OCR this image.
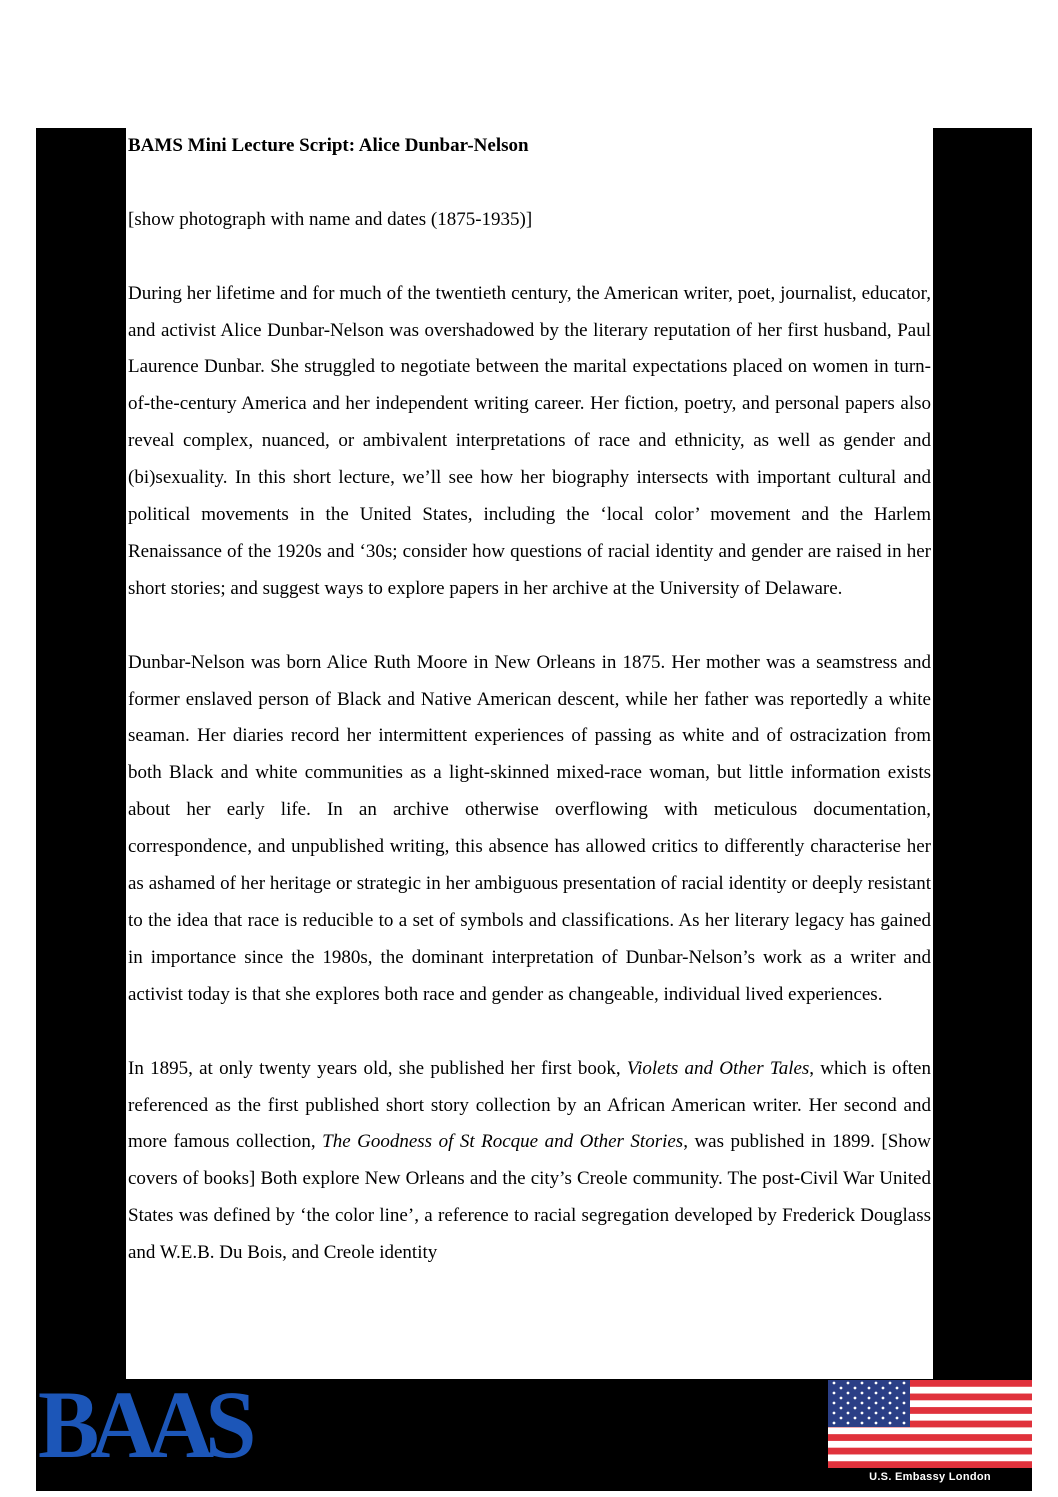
BAMS Mini Lecture Script: Alice Dunbar-Nelson

[show photograph with name and dates (1875-1935)]

During her lifetime and for much of the twentieth century, the American writer, poet, journalist, educator, and activist Alice Dunbar-Nelson was overshadowed by the literary reputation of her first husband, Paul Laurence Dunbar. She struggled to negotiate between the marital expectations placed on women in turn-of-the-century America and her independent writing career. Her fiction, poetry, and personal papers also reveal complex, nuanced, or ambivalent interpretations of race and ethnicity, as well as gender and (bi)sexuality. In this short lecture, we’ll see how her biography intersects with important cultural and political movements in the United States, including the ‘local color’ movement and the Harlem Renaissance of the 1920s and ‘30s; consider how questions of racial identity and gender are raised in her short stories; and suggest ways to explore papers in her archive at the University of Delaware.

Dunbar-Nelson was born Alice Ruth Moore in New Orleans in 1875. Her mother was a seamstress and former enslaved person of Black and Native American descent, while her father was reportedly a white seaman. Her diaries record her intermittent experiences of passing as white and of ostracization from both Black and white communities as a light-skinned mixed-race woman, but little information exists about her early life. In an archive otherwise overflowing with meticulous documentation, correspondence, and unpublished writing, this absence has allowed critics to differently characterise her as ashamed of her heritage or strategic in her ambiguous presentation of racial identity or deeply resistant to the idea that race is reducible to a set of symbols and classifications. As her literary legacy has gained in importance since the 1980s, the dominant interpretation of Dunbar-Nelson’s work as a writer and activist today is that she explores both race and gender as changeable, individual lived experiences.

In 1895, at only twenty years old, she published her first book, Violets and Other Tales, which is often referenced as the first published short story collection by an African American writer. Her second and more famous collection, The Goodness of St Rocque and Other Stories, was published in 1899. [Show covers of books] Both explore New Orleans and the city’s Creole community. The post-Civil War United States was defined by ‘the color line’, a reference to racial segregation developed by Frederick Douglass and W.E.B. Du Bois, and Creole identity

BAAS	U.S. Embassy London
